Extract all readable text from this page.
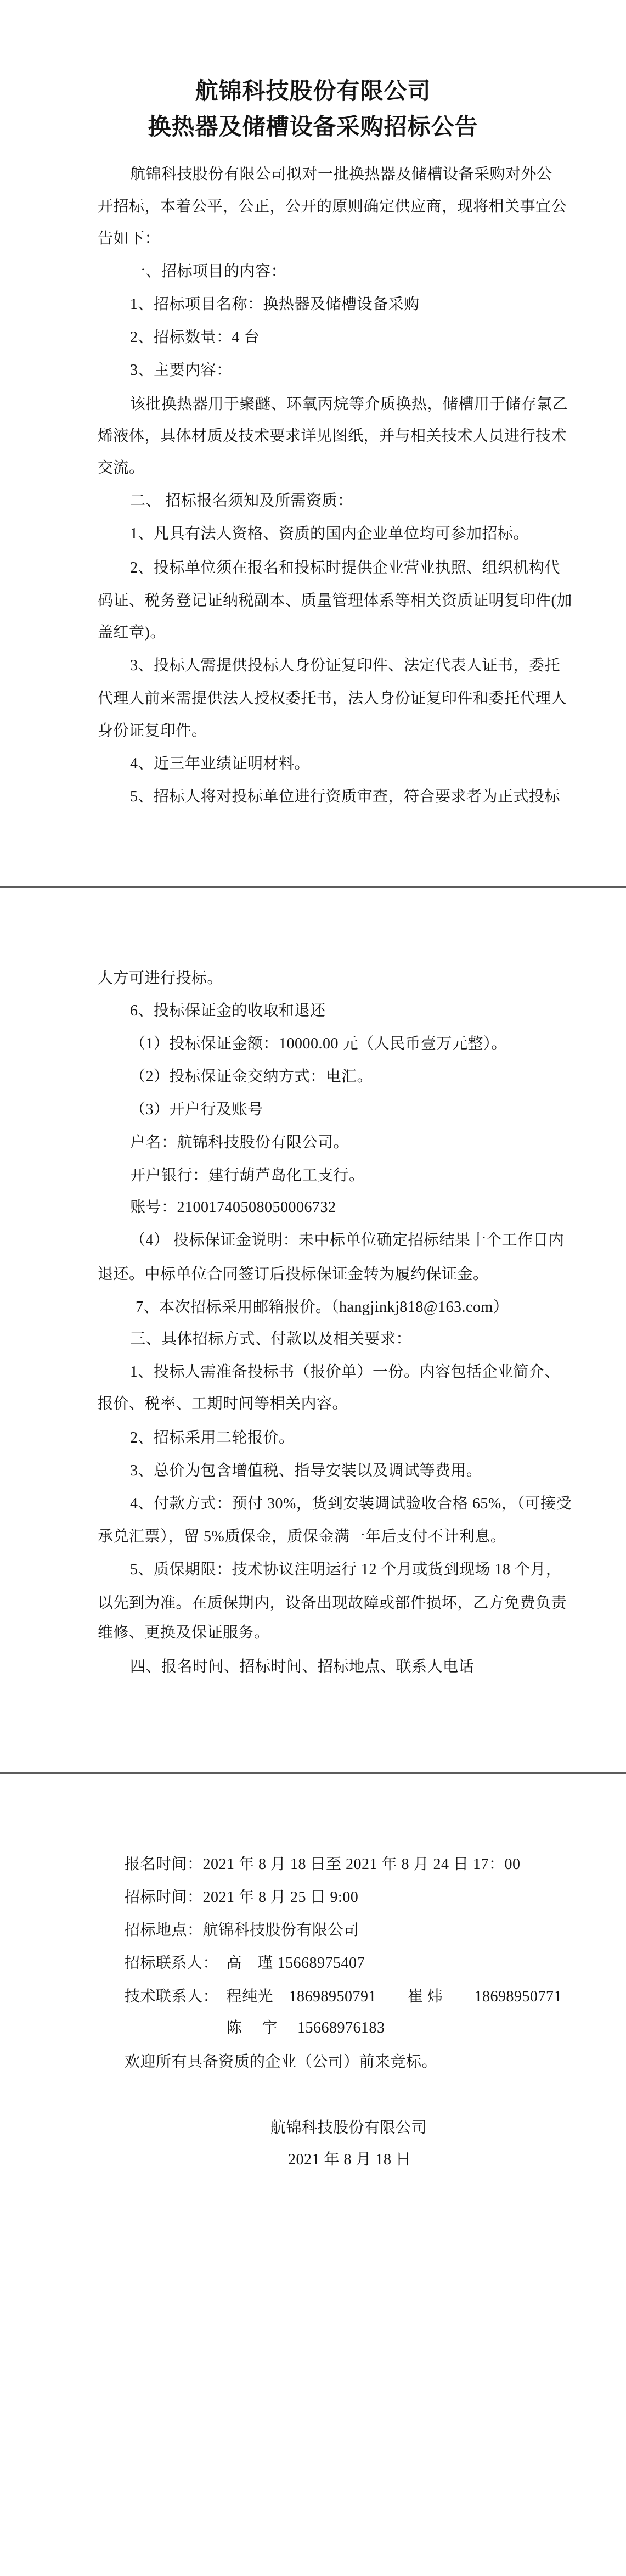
航锦科技股份有限公司
换热器及储槽设备采购招标公告
航锦科技股份有限公司拟对一批换热器及储槽设备采购对外公
开招标，本着公平，公正，公开的原则确定供应商，现将相关事宜公
告如下：
一、招标项目的内容：
1、招标项目名称：换热器及储槽设备采购
2、招标数量：4 台
3、主要内容：
该批换热器用于聚醚、环氧丙烷等介质换热，储槽用于储存氯乙
烯液体，具体材质及技术要求详见图纸，并与相关技术人员进行技术
交流。
二、 招标报名须知及所需资质：
1、凡具有法人资格、资质的国内企业单位均可参加招标。
2、投标单位须在报名和投标时提供企业营业执照、组织机构代
码证、税务登记证纳税副本、质量管理体系等相关资质证明复印件(加
盖红章)。
3、投标人需提供投标人身份证复印件、法定代表人证书，委托
代理人前来需提供法人授权委托书，法人身份证复印件和委托代理人
身份证复印件。
4、近三年业绩证明材料。
5、招标人将对投标单位进行资质审查，符合要求者为正式投标
人方可进行投标。
6、投标保证金的收取和退还
（1）投标保证金额：10000.00 元（人民币壹万元整）。
（2）投标保证金交纳方式：电汇。
（3）开户行及账号
户名：航锦科技股份有限公司。
开户银行：建行葫芦岛化工支行。
账号：21001740508050006732
（4） 投标保证金说明：未中标单位确定招标结果十个工作日内
退还。中标单位合同签订后投标保证金转为履约保证金。
7、本次招标采用邮箱报价。（hangjinkj818@163.com）
三、具体招标方式、付款以及相关要求：
1、投标人需准备投标书（报价单）一份。内容包括企业简介、
报价、税率、工期时间等相关内容。
2、招标采用二轮报价。
3、总价为包含增值税、指导安装以及调试等费用。
4、付款方式：预付 30%，货到安装调试验收合格 65%，（可接受
承兑汇票），留 5%质保金，质保金满一年后支付不计利息。
5、质保期限：技术协议注明运行 12 个月或货到现场 18 个月，
以先到为准。在质保期内，设备出现故障或部件损坏，乙方免费负责
维修、更换及保证服务。
四、报名时间、招标时间、招标地点、联系人电话
报名时间：2021 年 8 月 18 日至 2021 年 8 月 24 日 17：00
招标时间：2021 年 8 月 25 日 9:00
招标地点：航锦科技股份有限公司
招标联系人：　高　瑾 15668975407
技术联系人：　程纯光　18698950791　　崔 炜　　18698950771
陈　 宇　 15668976183
欢迎所有具备资质的企业（公司）前来竞标。
航锦科技股份有限公司
2021 年 8 月 18 日
